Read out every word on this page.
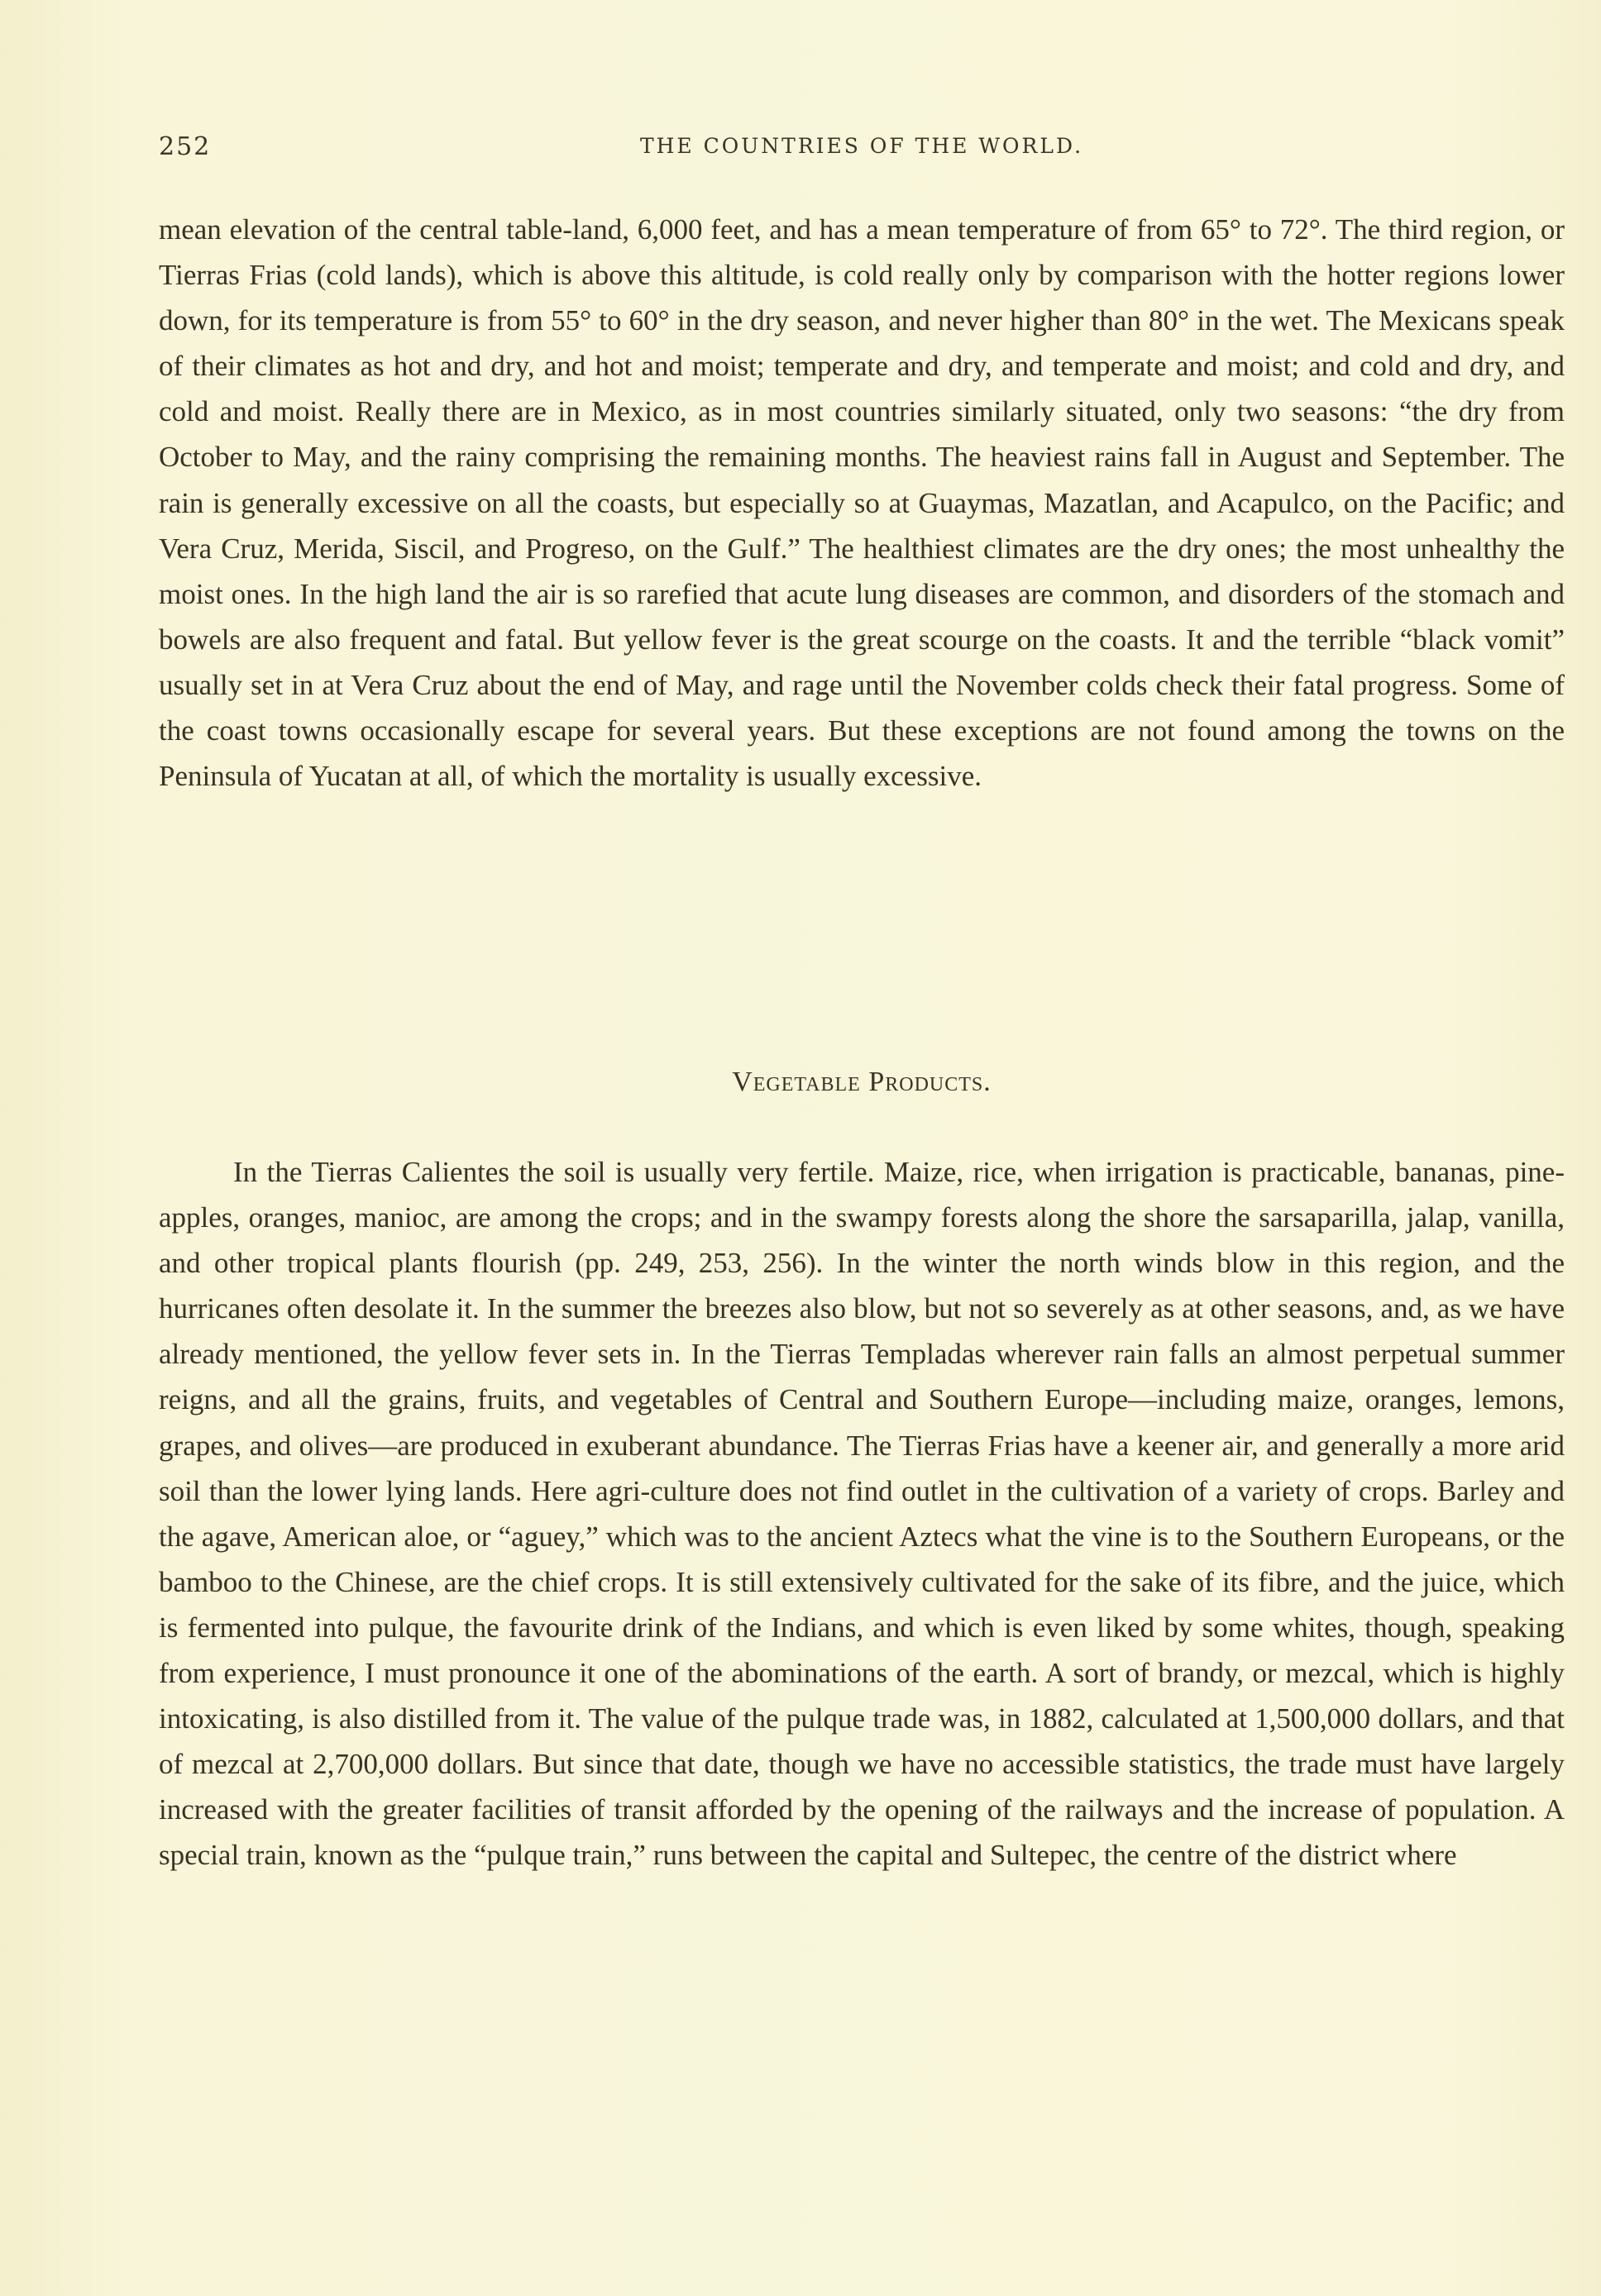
252	THE COUNTRIES OF THE WORLD.

mean elevation of the central table-land, 6,000 feet, and has a mean temperature of from 65° to 72°. The third region, or Tierras Frias (cold lands), which is above this altitude, is cold really only by comparison with the hotter regions lower down, for its temperature is from 55° to 60° in the dry season, and never higher than 80° in the wet. The Mexicans speak of their climates as hot and dry, and hot and moist; temperate and dry, and temperate and moist; and cold and dry, and cold and moist. Really there are in Mexico, as in most countries similarly situated, only two seasons: “the dry from October to May, and the rainy comprising the remaining months. The heaviest rains fall in August and September. The rain is generally excessive on all the coasts, but especially so at Guaymas, Mazatlan, and Acapulco, on the Pacific; and Vera Cruz, Merida, Siscil, and Progreso, on the Gulf.” The healthiest climates are the dry ones; the most unhealthy the moist ones. In the high land the air is so rarefied that acute lung diseases are common, and disorders of the stomach and bowels are also frequent and fatal. But yellow fever is the great scourge on the coasts. It and the terrible “black vomit” usually set in at Vera Cruz about the end of May, and rage until the November colds check their fatal progress. Some of the coast towns occasionally escape for several years. But these exceptions are not found among the towns on the Peninsula of Yucatan at all, of which the mortality is usually excessive.

Vegetable Products.

In the Tierras Calientes the soil is usually very fertile. Maize, rice, when irrigation is practicable, bananas, pine-apples, oranges, manioc, are among the crops; and in the swampy forests along the shore the sarsaparilla, jalap, vanilla, and other tropical plants flourish (pp. 249, 253, 256). In the winter the north winds blow in this region, and the hurricanes often desolate it. In the summer the breezes also blow, but not so severely as at other seasons, and, as we have already mentioned, the yellow fever sets in. In the Tierras Templadas wherever rain falls an almost perpetual summer reigns, and all the grains, fruits, and vegetables of Central and Southern Europe—including maize, oranges, lemons, grapes, and olives—are produced in exuberant abundance. The Tierras Frias have a keener air, and generally a more arid soil than the lower lying lands. Here agri-culture does not find outlet in the cultivation of a variety of crops. Barley and the agave, American aloe, or “aguey,” which was to the ancient Aztecs what the vine is to the Southern Europeans, or the bamboo to the Chinese, are the chief crops. It is still extensively cultivated for the sake of its fibre, and the juice, which is fermented into pulque, the favourite drink of the Indians, and which is even liked by some whites, though, speaking from experience, I must pronounce it one of the abominations of the earth. A sort of brandy, or mezcal, which is highly intoxicating, is also distilled from it. The value of the pulque trade was, in 1882, calculated at 1,500,000 dollars, and that of mezcal at 2,700,000 dollars. But since that date, though we have no accessible statistics, the trade must have largely increased with the greater facilities of transit afforded by the opening of the railways and the increase of population. A special train, known as the “pulque train,” runs between the capital and Sultepec, the centre of the district where
